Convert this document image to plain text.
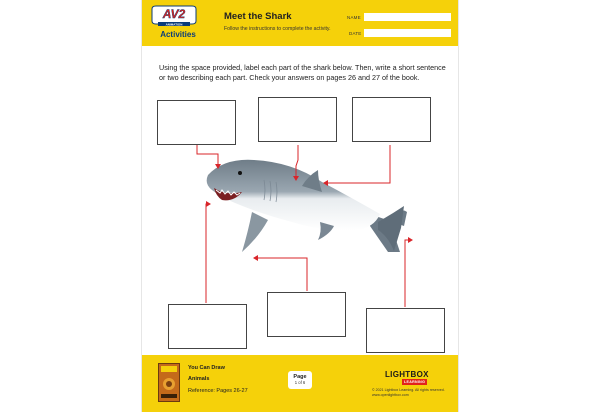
AV2
ANIMATION
Activities
Meet the Shark
Follow the instructions to complete the activity.
NAME
DATE
Using the space provided, label each part of the shark below. Then, write a short sentence or two describing each part. Check your answers on pages 26 and 27 of the book.
You Can Draw
Animals
Reference: Pages 26-27
Page
1 of 6
LIGHTBOX
LEARNING
© 2021 Lightbox Learning. All rights reserved.
www.openlightbox.com
